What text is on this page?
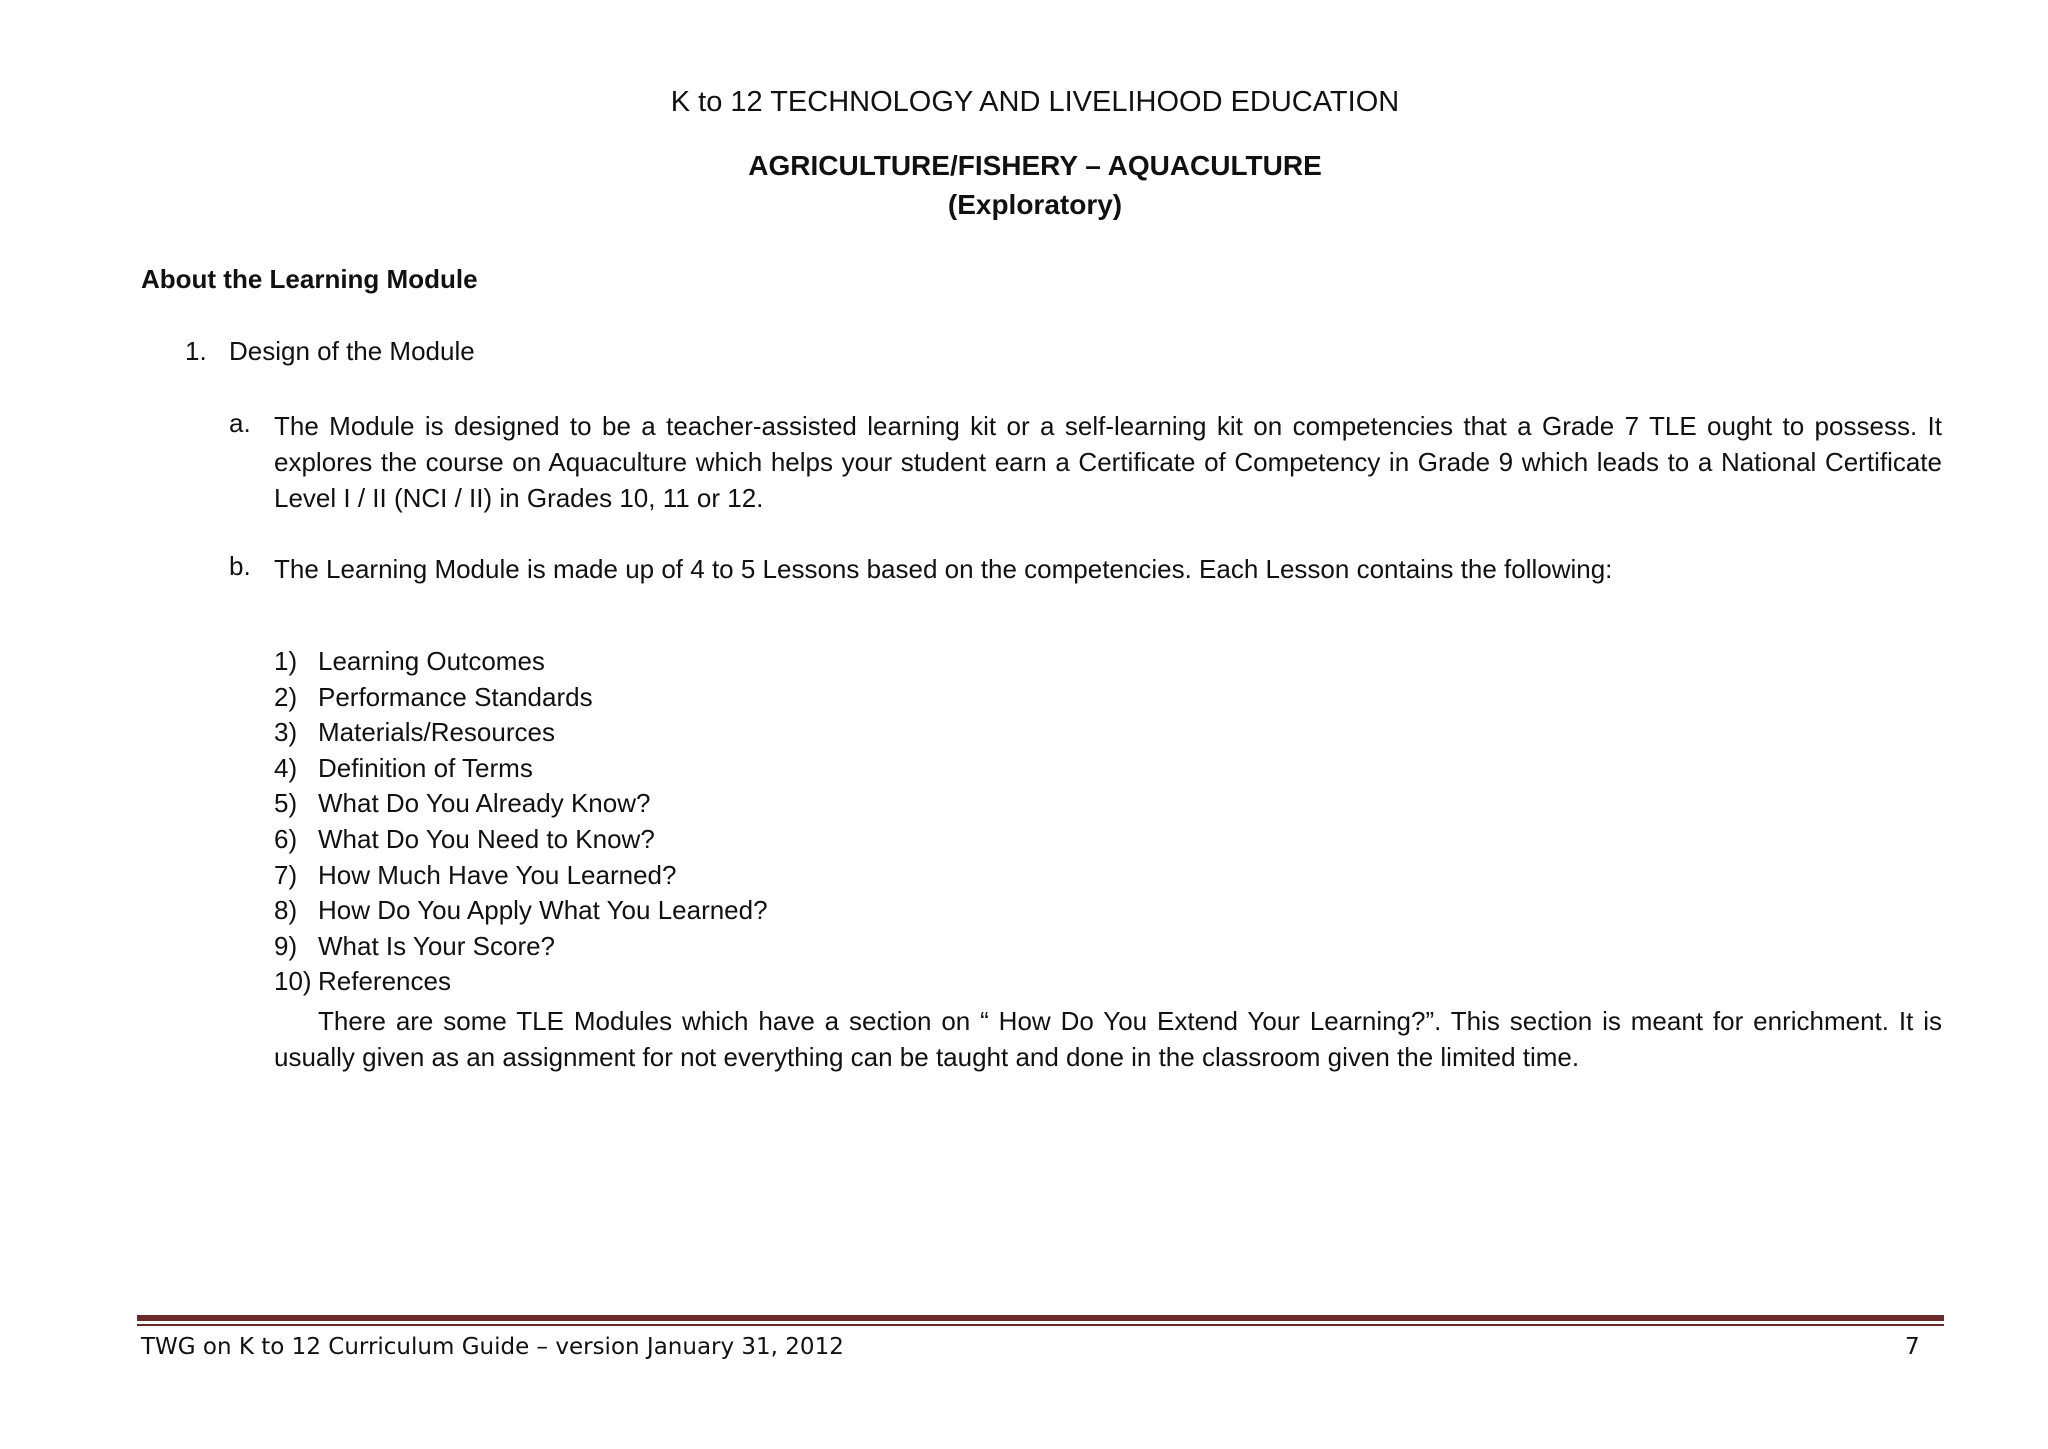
K to 12 TECHNOLOGY AND LIVELIHOOD EDUCATION
AGRICULTURE/FISHERY – AQUACULTURE
(Exploratory)
About the Learning Module
1. Design of the Module
a. The Module is designed to be a teacher-assisted learning kit or a self-learning kit on competencies that a Grade 7 TLE ought to possess. It explores the course on Aquaculture which helps your student earn a Certificate of Competency in Grade 9 which leads to a National Certificate Level I / II (NCI / II) in Grades 10, 11 or 12.
b. The Learning Module is made up of 4 to 5 Lessons based on the competencies. Each Lesson contains the following:
1) Learning Outcomes
2) Performance Standards
3) Materials/Resources
4) Definition of Terms
5) What Do You Already Know?
6) What Do You Need to Know?
7) How Much Have You Learned?
8) How Do You Apply What You Learned?
9) What Is Your Score?
10) References
There are some TLE Modules which have a section on “ How Do You Extend Your Learning?”. This section is meant for enrichment. It is usually given as an assignment for not everything can be taught and done in the classroom given the limited time.
TWG on K to 12 Curriculum Guide – version January 31, 2012	7
